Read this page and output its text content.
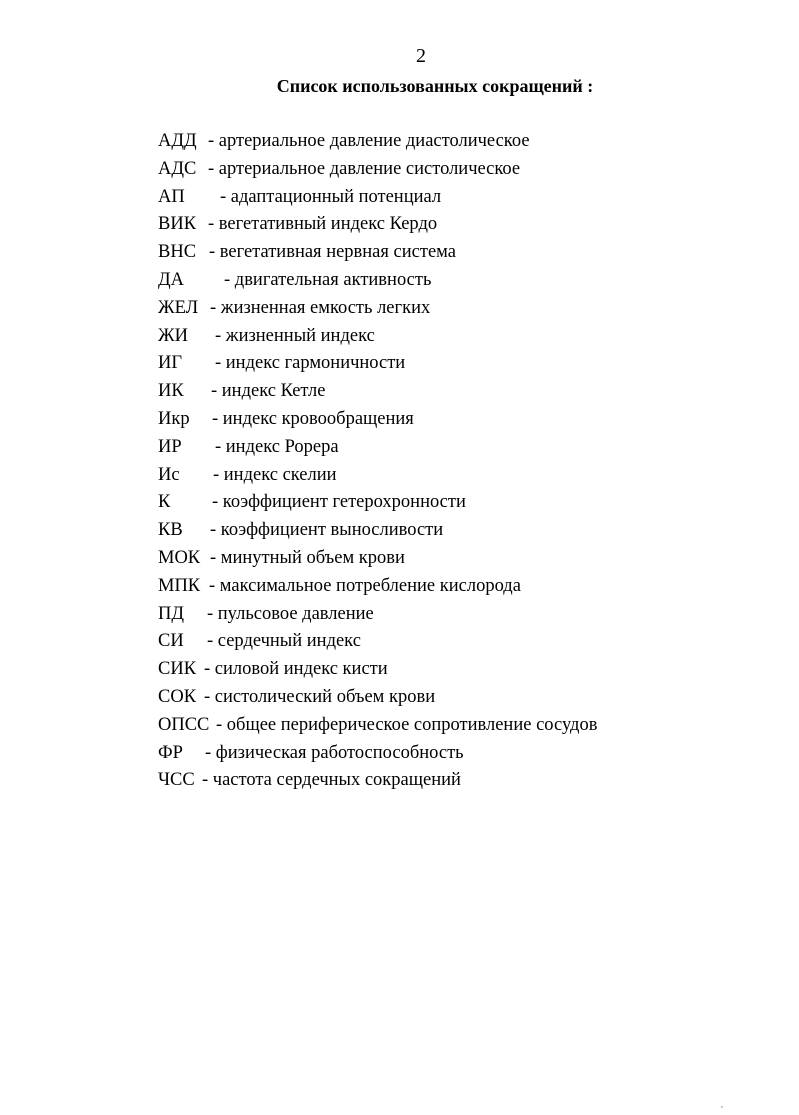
2
Список использованных сокращений :
АДД - артериальное давление диастолическое
АДС - артериальное давление систолическое
АП - адаптационный потенциал
ВИК - вегетативный индекс Кердо
ВНС - вегетативная нервная система
ДА - двигательная активность
ЖЕЛ - жизненная емкость легких
ЖИ - жизненный индекс
ИГ - индекс гармоничности
ИК - индекс Кетле
Икр - индекс кровообращения
ИР - индекс Рорера
Ис - индекс скелии
К - коэффициент гетерохронности
КВ - коэффициент выносливости
МОК - минутный объем крови
МПК - максимальное потребление кислорода
ПД - пульсовое давление
СИ - сердечный индекс
СИК - силовой индекс кисти
СОК - систолический объем крови
ОПСС - общее периферическое сопротивление сосудов
ФР - физическая работоспособность
ЧСС - частота сердечных сокращений
,
